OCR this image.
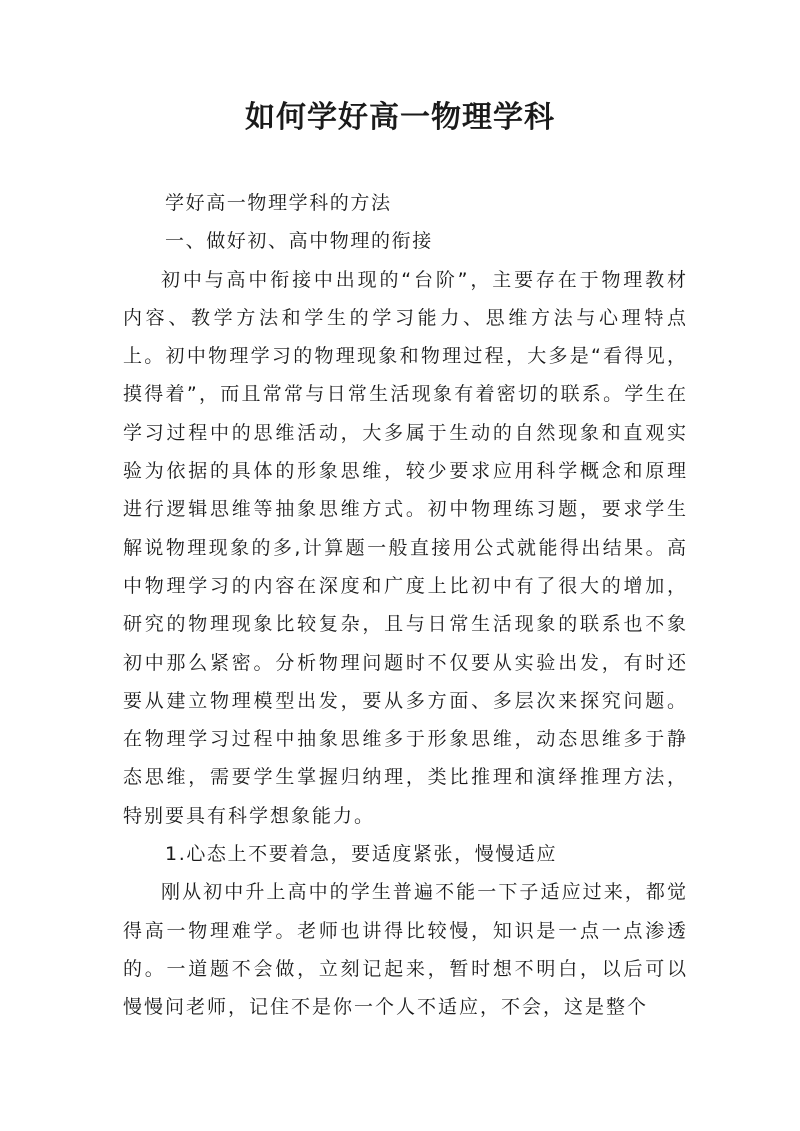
如何学好高一物理学科

学好高一物理学科的方法

一、做好初、高中物理的衔接

初中与高中衔接中出现的“台阶”，主要存在于物理教材内容、教学方法和学生的学习能力、思维方法与心理特点上。初中物理学习的物理现象和物理过程，大多是“看得见，摸得着”，而且常常与日常生活现象有着密切的联系。学生在学习过程中的思维活动，大多属于生动的自然现象和直观实验为依据的具体的形象思维，较少要求应用科学概念和原理进行逻辑思维等抽象思维方式。初中物理练习题，要求学生解说物理现象的多,计算题一般直接用公式就能得出结果。高中物理学习的内容在深度和广度上比初中有了很大的增加，研究的物理现象比较复杂，且与日常生活现象的联系也不象初中那么紧密。分析物理问题时不仅要从实验出发，有时还要从建立物理模型出发，要从多方面、多层次来探究问题。在物理学习过程中抽象思维多于形象思维，动态思维多于静态思维，需要学生掌握归纳理，类比推理和演绎推理方法，特别要具有科学想象能力。

1.心态上不要着急，要适度紧张，慢慢适应

刚从初中升上高中的学生普遍不能一下子适应过来，都觉得高一物理难学。老师也讲得比较慢，知识是一点一点渗透的。一道题不会做，立刻记起来，暂时想不明白，以后可以慢慢问老师，记住不是你一个人不适应，不会，这是整个
